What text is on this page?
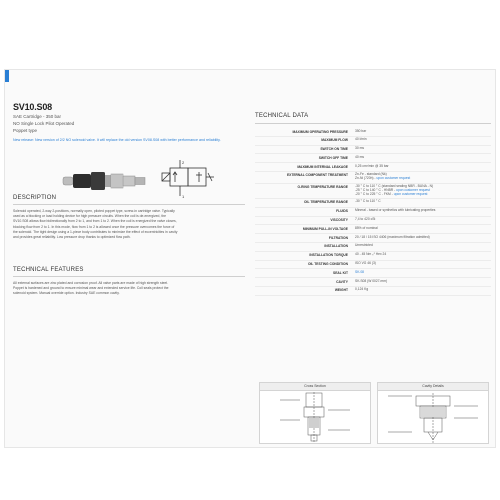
SV10.S08
SAE Cartridge - 350 bar
NO Single Lock Pilot Operated
Poppet type
New release: New version of 2/2 NO solenoid valve. It will replace the old version SV08.S08 with better performance and reliability.
2
1
DESCRIPTION
Solenoid operated, 2-way 2-positions, normally open, piloted poppet type, screw-in cartridge valve. Typically
used as a blocking or load holding device for high pressure circuits. When the coil is de-energized, the
SV10.S08 allows flow bidirectionally from 2 to 1, and from 1 to 2. When the coil is energized the valve closes,
blocking flow from 2 to 1. In this mode, flow from 1 to 2 is allowed once the pressure overcomes the force of
the solenoid. The tight design using a 1-piece body contributes to minimize the effect of eccentricities in cavity
and provides great reliability. Low pressure drop thanks to optimized flow path.
TECHNICAL FEATURES
All external surfaces are zinc plated and corrosion proof. All valve parts are made of high strength steel.
Poppet is hardened and ground to ensure minimal wear and extended service life. Coil seals protect the
solenoid system. Manual override option. Industry SAE common cavity.
TECHNICAL DATA
MAXIMUM OPERATING PRESSURE 350 bar
MAXIMUM FLOW 40 l/min
SWITCH ON TIME 30 ms
SWITCH OFF TIME 40 ms
MAXIMUM INTERNAL LEAKAGE 0,25 cm³/min @ 35 bar
EXTERNAL COMPONENT TREATMENT Zn-Fe - standard (Nk)
Zn-Ni (720h) - upon customer request
O-RING TEMPERATURE RANGE -30 ° C to 110 ° C (standard sealing NBR - BUNA - N)
-25 ° C to 140 ° C - HNBR - upon customer request
-20 ° C to 225 ° C - FKM - upon customer request
OIL TEMPERATURE RANGE -30 ° C to 110 ° C
FLUIDS Mineral - based or synthetics with lubricating properties
VISCOSITY 7,4 to 420 cSt
MINIMUM PULL-IN VOLTAGE 85% of nominal
FILTRATION 20 / 18 / 15 ISO 4406 (maximum filtration admitted)
INSTALLATION Unrestricted
INSTALLATION TORQUE 40 - 45 Nm ⤢ Hex 24
OIL TESTING CONDITION ISO VG 46 (3)
SEAL KIT SK.08
CAVITY SK.S08 (W 0027.mm)
WEIGHT 0,124 Kg
Cross Section	Cavity Details
